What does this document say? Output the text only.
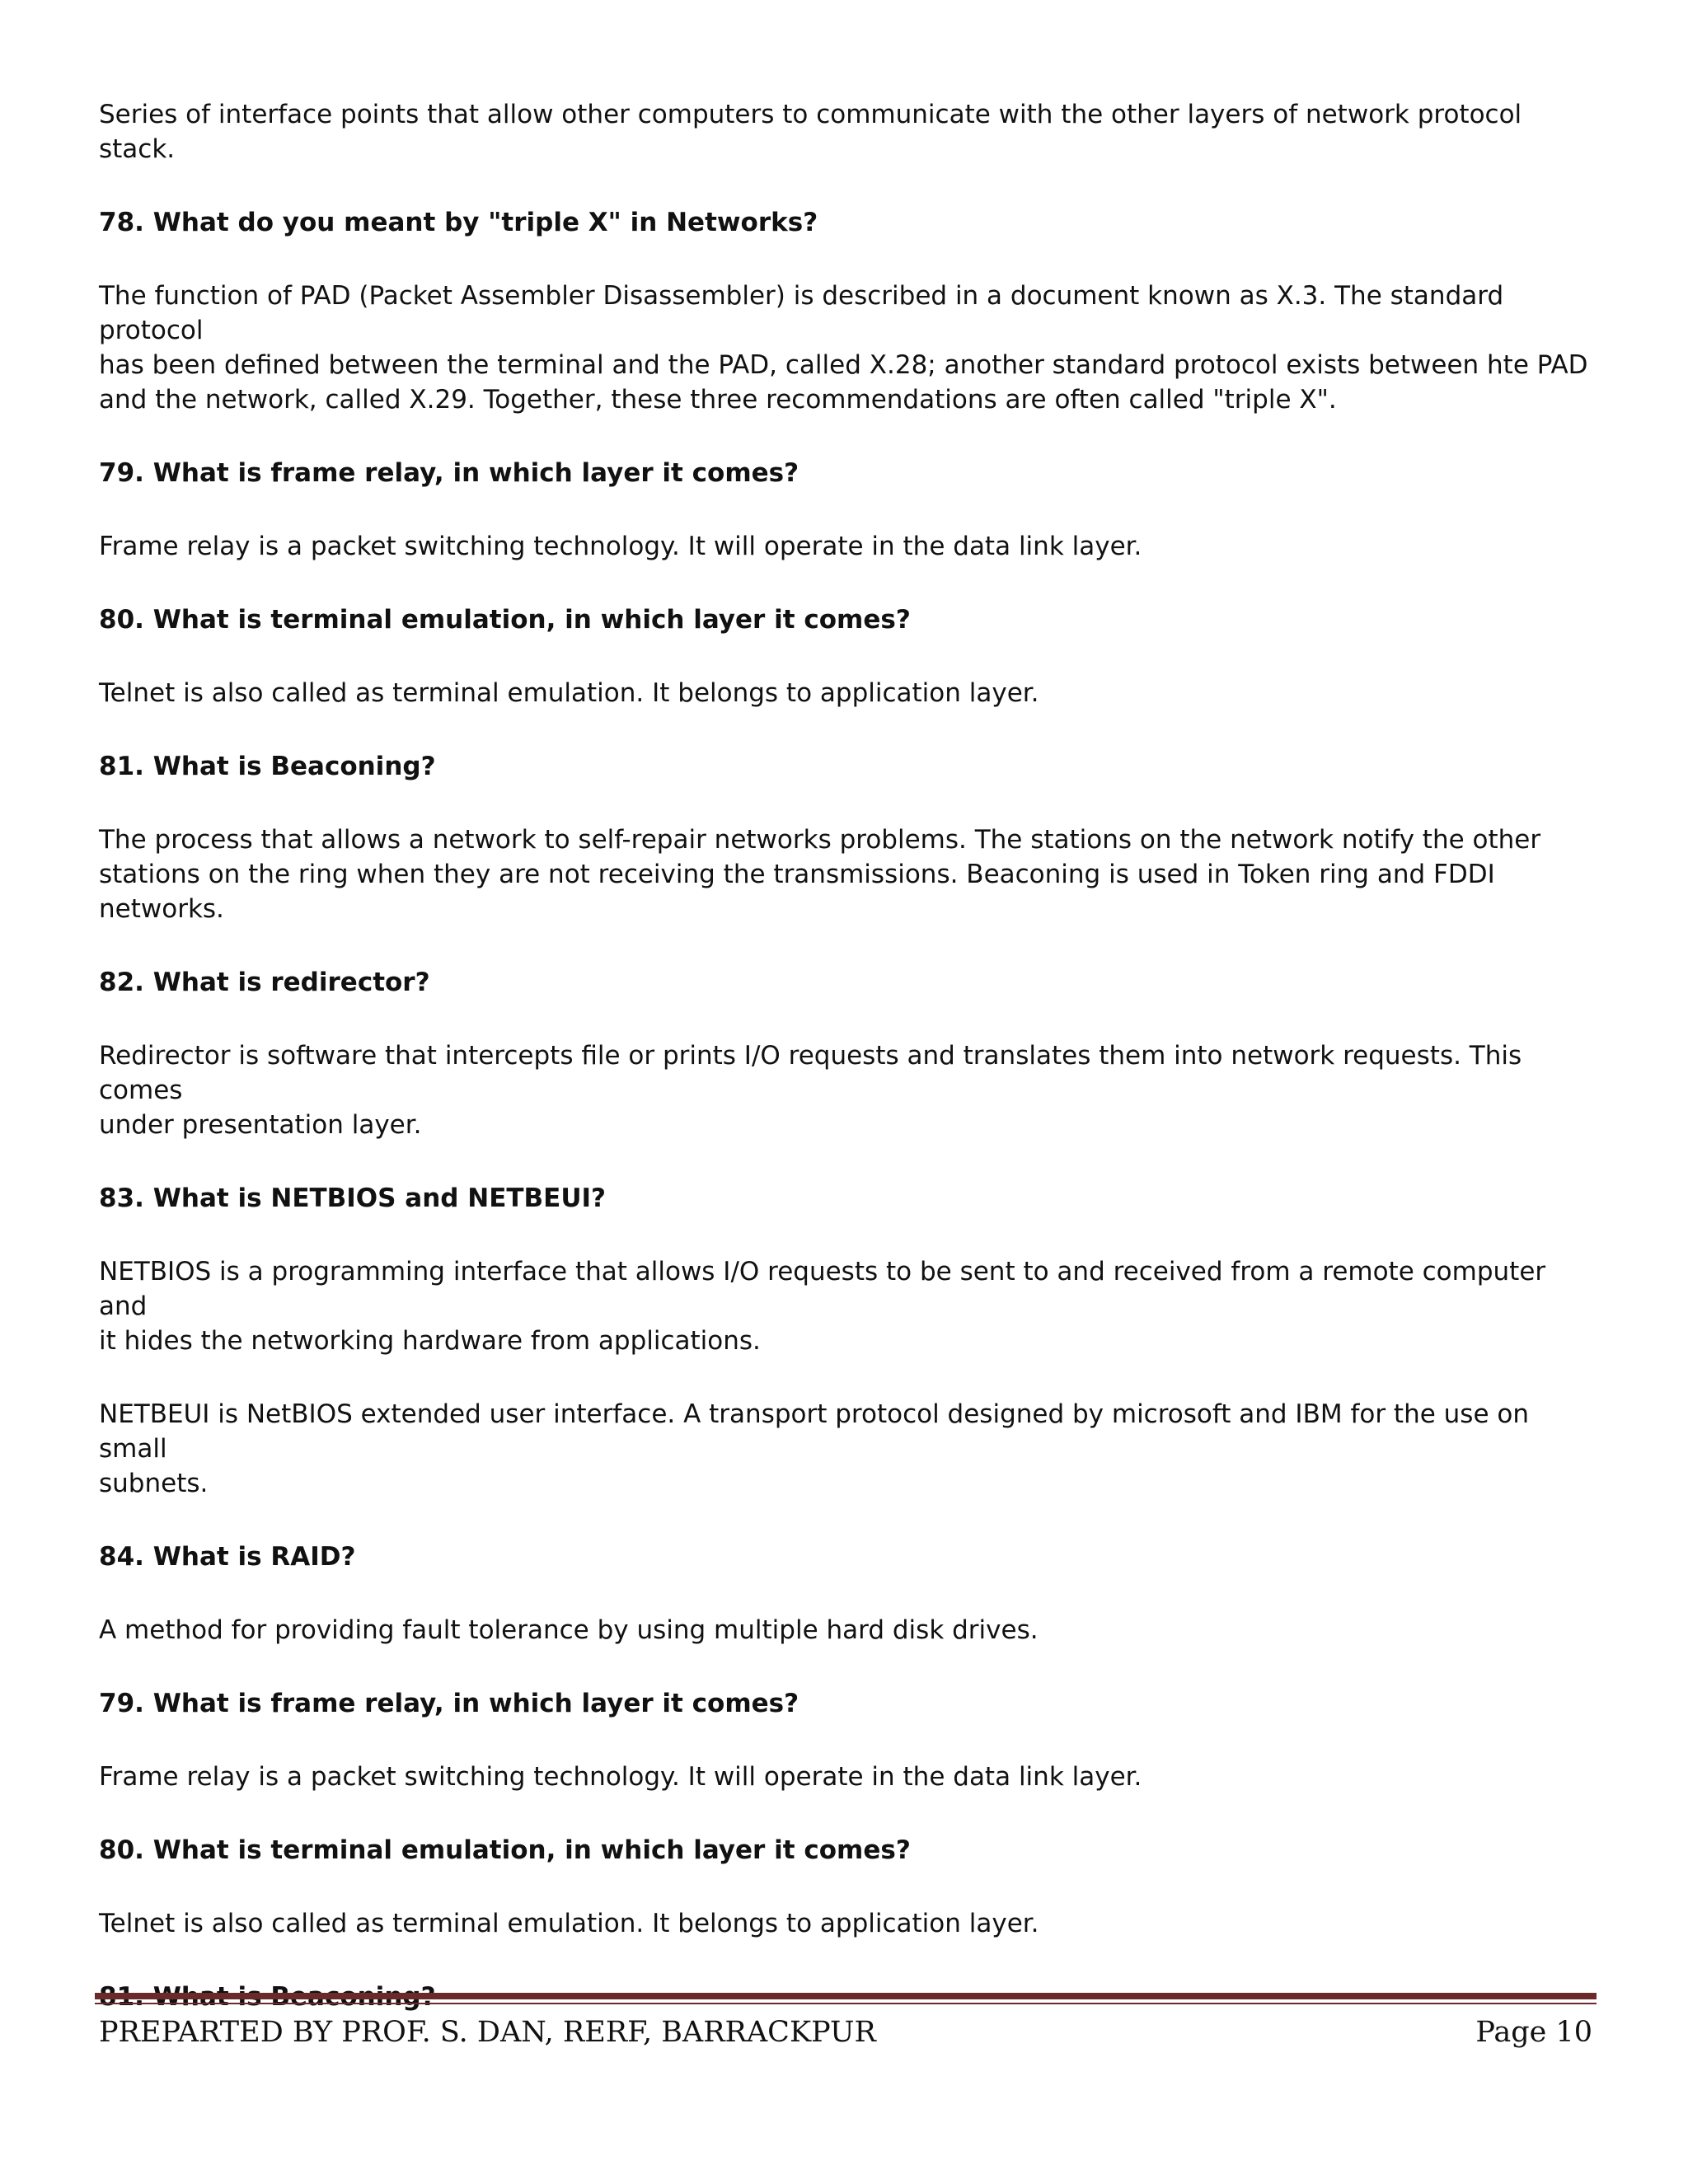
Series of interface points that allow other computers to communicate with the other layers of network protocol stack.
78. What do you meant by "triple X" in Networks?
The function of PAD (Packet Assembler Disassembler) is described in a document known as X.3. The standard protocol
has been defined between the terminal and the PAD, called X.28; another standard protocol exists between hte PAD
and the network, called X.29. Together, these three recommendations are often called "triple X".
79. What is frame relay, in which layer it comes?
Frame relay is a packet switching technology. It will operate in the data link layer.
80. What is terminal emulation, in which layer it comes?
Telnet is also called as terminal emulation. It belongs to application layer.
81. What is Beaconing?
The process that allows a network to self-repair networks problems. The stations on the network notify the other
stations on the ring when they are not receiving the transmissions. Beaconing is used in Token ring and FDDI
networks.
82. What is redirector?
Redirector is software that intercepts file or prints I/O requests and translates them into network requests. This comes
under presentation layer.
83. What is NETBIOS and NETBEUI?
NETBIOS is a programming interface that allows I/O requests to be sent to and received from a remote computer and
it hides the networking hardware from applications.
NETBEUI is NetBIOS extended user interface. A transport protocol designed by microsoft and IBM for the use on small
subnets.
84. What is RAID?
A method for providing fault tolerance by using multiple hard disk drives.
79. What is frame relay, in which layer it comes?
Frame relay is a packet switching technology. It will operate in the data link layer.
80. What is terminal emulation, in which layer it comes?
Telnet is also called as terminal emulation. It belongs to application layer.
PREPARTED BY PROF. S. DAN, RERF, BARRACKPUR	Page 10
